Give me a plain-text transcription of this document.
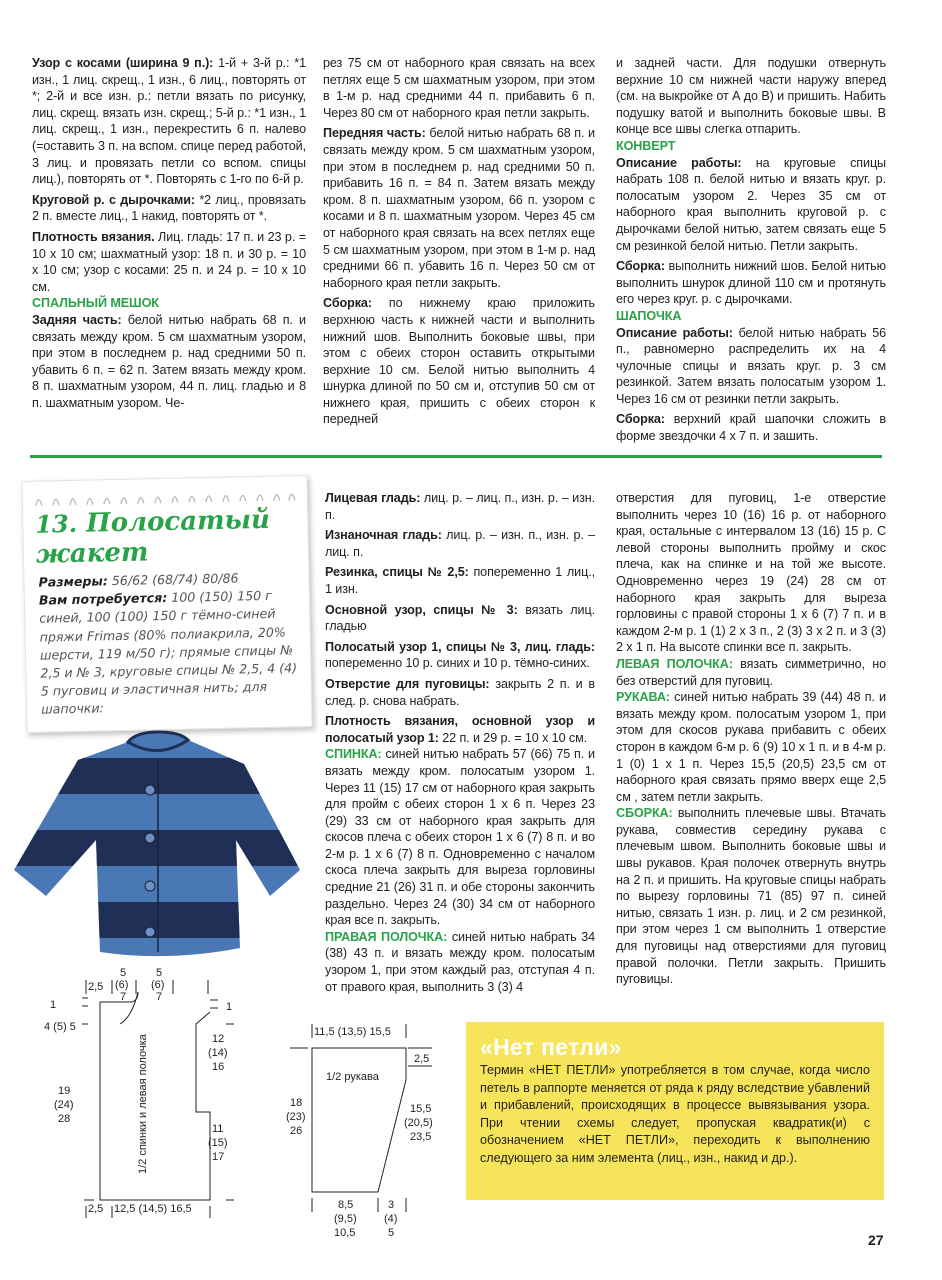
Узор с косами (ширина 9 п.): 1-й + 3-й р.: *1 изн., 1 лиц. скрещ., 1 изн., 6 лиц., повторять от *; 2-й и все изн. р.: петли вязать по рисунку, лиц. скрещ. вязать изн. скрещ.; 5-й р.: *1 изн., 1 лиц. скрещ., 1 изн., перекрестить 6 п. налево (=оставить 3 п. на вспом. спице перед работой, 3 лиц. и провязать петли со вспом. спицы лиц.), повторять от *. Повторять с 1-го по 6-й р.

Круговой р. с дырочками: *2 лиц., провязать 2 п. вместе лиц., 1 накид, повторять от *.

Плотность вязания. Лиц. гладь: 17 п. и 23 р. = 10 х 10 см; шахматный узор: 18 п. и 30 р. = 10 х 10 см; узор с косами: 25 п. и 24 р. = 10 х 10 см.

СПАЛЬНЫЙ МЕШОК

Задняя часть: белой нитью набрать 68 п. и связать между кром. 5 см шахматным узором, при этом в последнем р. над средними 50 п. убавить 6 п. = 62 п. Затем вязать между кром. 8 п. шахматным узором, 44 п. лиц. гладью и 8 п. шахматным узором. Че-

рез 75 см от наборного края связать на всех петлях еще 5 см шахматным узором, при этом в 1-м р. над средними 44 п. прибавить 6 п. Через 80 см от наборного края петли закрыть.

Передняя часть: белой нитью набрать 68 п. и связать между кром. 5 см шахматным узором, при этом в последнем р. над средними 50 п. прибавить 16 п. = 84 п. Затем вязать между кром. 8 п. шахматным узором, 66 п. узором с косами и 8 п. шахматным узором. Через 45 см от наборного края связать на всех петлях еще 5 см шахматным узором, при этом в 1-м р. над средними 66 п. убавить 16 п. Через 50 см от наборного края петли закрыть.

Сборка: по нижнему краю приложить верхнюю часть к нижней части и выполнить нижний шов. Выполнить боковые швы, при этом с обеих сторон оставить открытыми верхние 10 см. Белой нитью выполнить 4 шнурка длиной по 50 см и, отступив 50 см от нижнего края, пришить с обеих сторон к передней

и задней части. Для подушки отвернуть верхние 10 см нижней части наружу вперед (см. на выкройке от А до В) и пришить. Набить подушку ватой и выполнить боковые швы. В конце все швы слегка отпарить.

КОНВЕРТ

Описание работы: на круговые спицы набрать 108 п. белой нитью и вязать круг. р. полосатым узором 2. Через 35 см от наборного края выполнить круговой р. с дырочками белой нитью, затем связать еще 5 см резинкой белой нитью. Петли закрыть.

Сборка: выполнить нижний шов. Белой нитью выполнить шнурок длиной 110 см и протянуть его через круг. р. с дырочками.

ШАПОЧКА

Описание работы: белой нитью набрать 56 п., равномерно распределить их на 4 чулочные спицы и вязать круг. р. 3 см резинкой. Затем вязать полосатым узором 1. Через 16 см от резинки петли закрыть.

Сборка: верхний край шапочки сложить в форме звездочки 4 х 7 п. и зашить.

13. Полосатый
жакет
Размеры: 56/62 (68/74) 80/86
Вам потребуется: 100 (150) 150 г синей, 100 (100) 150 г тёмно-синей пряжи Frimas (80% полиакрила, 20% шерсти, 119 м/50 г); прямые спицы № 2,5 и № 3, круговые спицы № 2,5, 4 (4) 5 пуговиц и эластичная нить; для шапочки:

Лицевая гладь: лиц. р. – лиц. п., изн. р. – изн. п.

Изнаночная гладь: лиц. р. – изн. п., изн. р. – лиц. п.

Резинка, спицы № 2,5: попеременно 1 лиц., 1 изн.

Основной узор, спицы № 3: вязать лиц. гладью

Полосатый узор 1, спицы № 3, лиц. гладь: попеременно 10 р. синих и 10 р. тёмно-синих.

Отверстие для пуговицы: закрыть 2 п. и в след. р. снова набрать.

Плотность вязания, основной узор и полосатый узор 1: 22 п. и 29 р. = 10 х 10 см.

СПИНКА: синей нитью набрать 57 (66) 75 п. и вязать между кром. полосатым узором 1. Через 11 (15) 17 см от наборного края закрыть для пройм с обеих сторон 1 х 6 п. Через 23 (29) 33 см от наборного края закрыть для скосов плеча с обеих сторон 1 х 6 (7) 8 п. и во 2-м р. 1 х 6 (7) 8 п. Одновременно с началом скоса плеча закрыть для выреза горловины средние 21 (26) 31 п. и обе стороны закончить раздельно. Через 24 (30) 34 см от наборного края все п. закрыть.

ПРАВАЯ ПОЛОЧКА: синей нитью набрать 34 (38) 43 п. и вязать между кром. полосатым узором 1, при этом каждый раз, отступая 4 п. от правого края, выполнить 3 (3) 4

отверстия для пуговиц, 1-е отверстие выполнить через 10 (16) 16 р. от наборного края, остальные с интервалом 13 (16) 15 р. С левой стороны выполнить пройму и скос плеча, как на спинке и на той же высоте. Одновременно через 19 (24) 28 см от наборного края закрыть для выреза горловины с правой стороны 1 х 6 (7) 7 п. и в каждом 2-м р. 1 (1) 2 х 3 п., 2 (3) 3 х 2 п. и 3 (3) 2 х 1 п. На высоте спинки все п. закрыть.

ЛЕВАЯ ПОЛОЧКА: вязать симметрично, но без отверстий для пуговиц.

РУКАВА: синей нитью набрать 39 (44) 48 п. и вязать между кром. полосатым узором 1, при этом для скосов рукава прибавить с обеих сторон в каждом 6-м р. 6 (9) 10 х 1 п. и в 4-м р. 1 (0) 1 х 1 п. Через 15,5 (20,5) 23,5 см от наборного края связать прямо вверх еще 2,5 см , затем петли закрыть.

СБОРКА: выполнить плечевые швы. Втачать рукава, совместив середину рукава с плечевым швом. Выполнить боковые швы и швы рукавов. Края полочек отвернуть внутрь на 2 п. и пришить. На круговые спицы набрать по вырезу горловины 71 (85) 97 п. синей нитью, связать 1 изн. р. лиц. и 2 см резинкой, при этом через 1 см выполнить 1 отверстие для пуговицы над отверстиями для пуговиц правой полочки. Петли закрыть. Пришить пуговицы.

2,5
5
(6)
7
5
(6)
7
1
4 (5) 5
1
12
(14)
16
19
(24)
28
11
(15)
17
1/2 спинки и левая полочка
2,5 12,5 (14,5) 16,5
11,5 (13,5) 15,5
2,5
1/2 рукава
18
(23)
26
15,5
(20,5)
23,5
8,5
(9,5)
10,5
3
(4)
5
«Нет петли»
Термин «НЕТ ПЕТЛИ» употребляется в том случае, когда число петель в раппорте меняется от ряда к ряду вследствие убавлений и прибавлений, происходящих в процессе вывязывания узора. При чтении схемы следует, пропуская квадратик(и) с обозначением «НЕТ ПЕТЛИ», переходить к выполнению следующего за ним элемента (лиц., изн., накид и др.).
27
